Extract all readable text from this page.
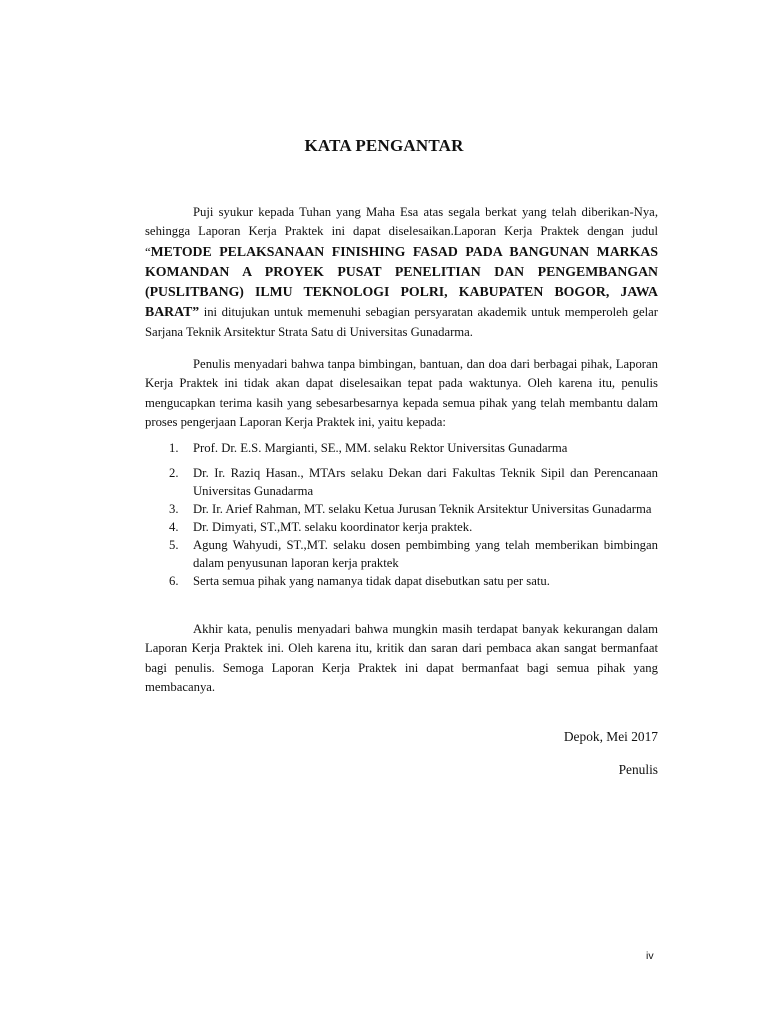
KATA PENGANTAR

Puji syukur kepada Tuhan yang Maha Esa atas segala berkat yang telah diberikan-Nya, sehingga Laporan Kerja Praktek ini dapat diselesaikan.Laporan Kerja Praktek dengan judul “METODE PELAKSANAAN FINISHING FASAD PADA BANGUNAN MARKAS KOMANDAN A PROYEK PUSAT PENELITIAN DAN PENGEMBANGAN (PUSLITBANG) ILMU TEKNOLOGI POLRI, KABUPATEN BOGOR, JAWA BARAT” ini ditujukan untuk memenuhi sebagian persyaratan akademik untuk memperoleh gelar Sarjana Teknik Arsitektur Strata Satu di Universitas Gunadarma.

Penulis menyadari bahwa tanpa bimbingan, bantuan, dan doa dari berbagai pihak, Laporan Kerja Praktek ini tidak akan dapat diselesaikan tepat pada waktunya. Oleh karena itu, penulis mengucapkan terima kasih yang sebesarbesarnya kepada semua pihak yang telah membantu dalam proses pengerjaan Laporan Kerja Praktek ini, yaitu kepada:

1. Prof. Dr. E.S. Margianti, SE., MM. selaku Rektor Universitas Gunadarma
2. Dr. Ir. Raziq Hasan., MTArs selaku Dekan dari Fakultas Teknik Sipil dan Perencanaan Universitas Gunadarma
3. Dr. Ir. Arief Rahman, MT. selaku Ketua Jurusan Teknik Arsitektur Universitas Gunadarma
4. Dr. Dimyati, ST.,MT. selaku koordinator kerja praktek.
5. Agung Wahyudi, ST.,MT. selaku dosen pembimbing yang telah memberikan bimbingan dalam penyusunan laporan kerja praktek
6. Serta semua pihak yang namanya tidak dapat disebutkan satu per satu.

Akhir kata, penulis menyadari bahwa mungkin masih terdapat banyak kekurangan dalam Laporan Kerja Praktek ini. Oleh karena itu, kritik dan saran dari pembaca akan sangat bermanfaat bagi penulis. Semoga Laporan Kerja Praktek ini dapat bermanfaat bagi semua pihak yang membacanya.

Depok, Mei 2017
Penulis
iv
